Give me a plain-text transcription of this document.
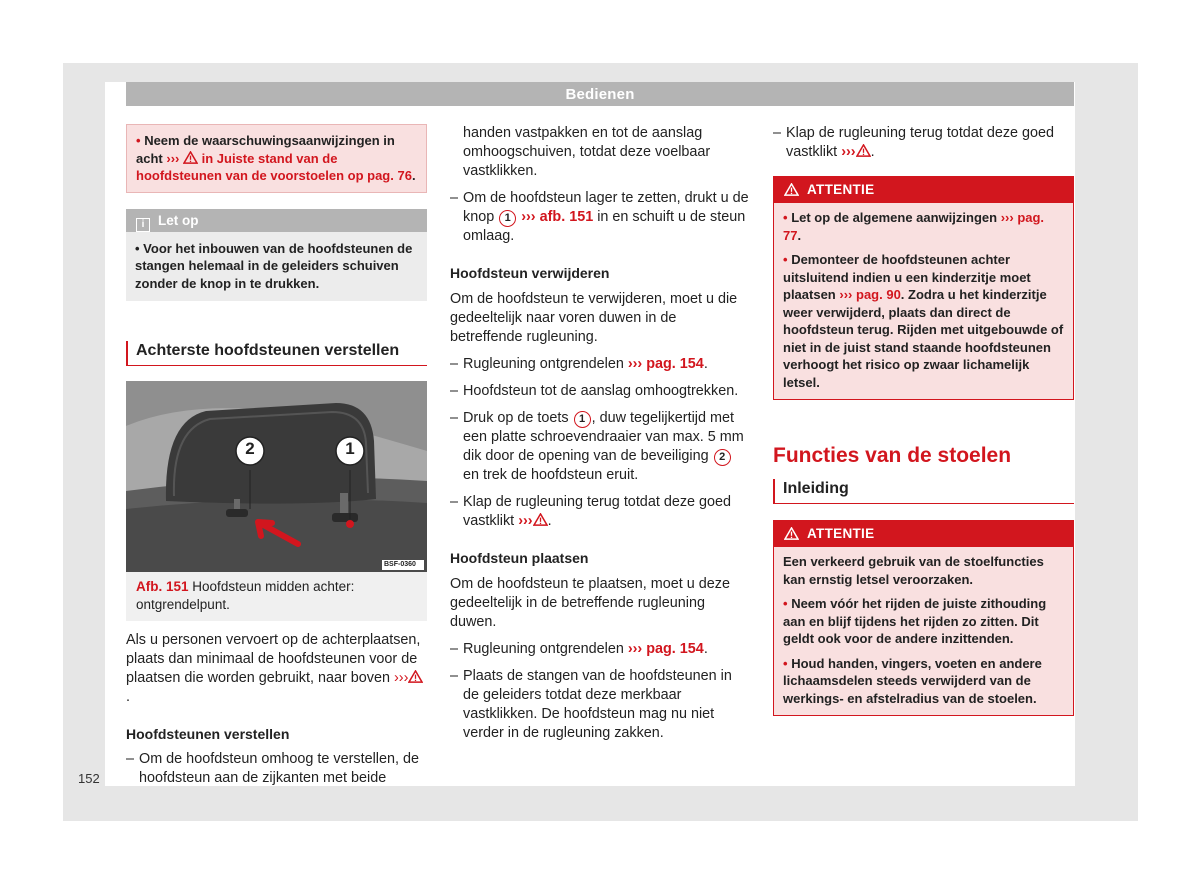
Bedienen
152
• Neem de waarschuwingsaanwijzingen in acht ››› in Juiste stand van de hoofdsteunen van de voorstoelen op pag. 76.
i Let op
• Voor het inbouwen van de hoofdsteunen de stangen helemaal in de geleiders schuiven zonder de knop in te drukken.
Achterste hoofdsteunen verstellen
2	1
BSF-0360
Afb. 151 Hoofdsteun midden achter: ontgrendelpunt.

Als u personen vervoert op de achterplaatsen, plaats dan minimaal de hoofdsteunen voor de plaatsen die worden gebruikt, naar boven ›››.

Hoofdsteunen verstellen
– Om de hoofdsteun omhoog te verstellen, de hoofdsteun aan de zijkanten met beide
handen vastpakken en tot de aanslag omhoogschuiven, totdat deze voelbaar vastklikken.
– Om de hoofdsteun lager te zetten, drukt u de knop 1 ››› afb. 151 in en schuift u de steun omlaag.
Hoofdsteun verwijderen

Om de hoofdsteun te verwijderen, moet u die gedeeltelijk naar voren duwen in de betreffende rugleuning.

– Rugleuning ontgrendelen ››› pag. 154.
– Hoofdsteun tot de aanslag omhoogtrekken.
– Druk op de toets 1 , duw tegelijkertijd met een platte schroevendraaier van max. 5 mm dik door de opening van de beveiliging 2 en trek de hoofdsteun eruit.
– Klap de rugleuning terug totdat deze goed vastklikt ››› .
Hoofdsteun plaatsen

Om de hoofdsteun te plaatsen, moet u deze gedeeltelijk in de betreffende rugleuning duwen.

– Rugleuning ontgrendelen ››› pag. 154.
– Plaats de stangen van de hoofdsteunen in de geleiders totdat deze merkbaar vastklikken. De hoofdsteun mag nu niet verder in de rugleuning zakken.
– Klap de rugleuning terug totdat deze goed vastklikt ››› .
ATTENTIE
• Let op de algemene aanwijzingen ››› pag. 77.
• Demonteer de hoofdsteunen achter uitsluitend indien u een kinderzitje moet plaatsen ››› pag. 90. Zodra u het kinderzitje weer verwijderd, plaats dan direct de hoofdsteun terug. Rijden met uitgebouwde of niet in de juist stand staande hoofdsteunen verhoogt het risico op zwaar lichamelijk letsel.
Functies van de stoelen
Inleiding
ATTENTIE
Een verkeerd gebruik van de stoelfuncties kan ernstig letsel veroorzaken.
• Neem vóór het rijden de juiste zithouding aan en blijf tijdens het rijden zo zitten. Dit geldt ook voor de andere inzittenden.
• Houd handen, vingers, voeten en andere lichaamsdelen steeds verwijderd van de werkings- en afstelradius van de stoelen.
